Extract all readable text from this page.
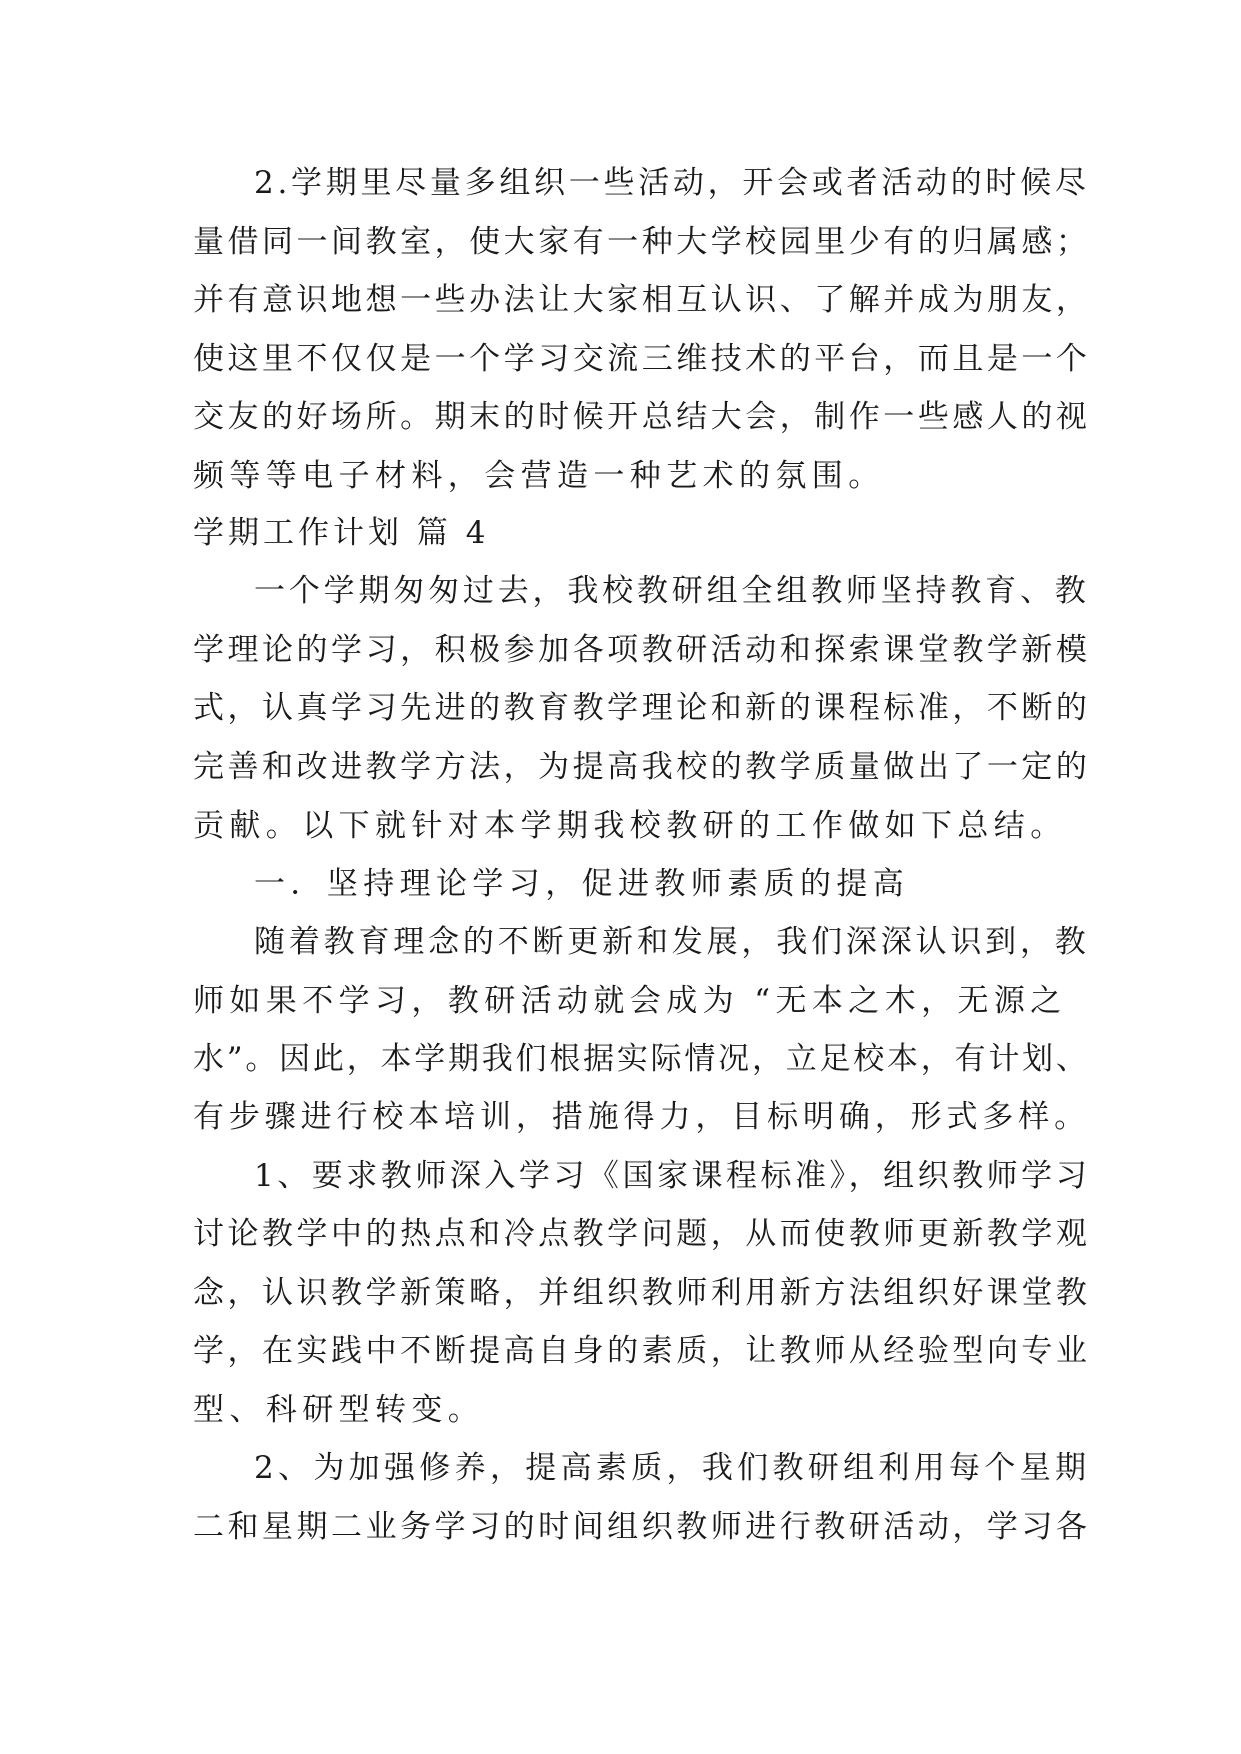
2.学期里尽量多组织一些活动，开会或者活动的时候尽
量借同一间教室，使大家有一种大学校园里少有的归属感；
并有意识地想一些办法让大家相互认识、了解并成为朋友，
使这里不仅仅是一个学习交流三维技术的平台，而且是一个
交友的好场所。期末的时候开总结大会，制作一些感人的视
频等等电子材料，会营造一种艺术的氛围。
学期工作计划 篇 4
一个学期匆匆过去，我校教研组全组教师坚持教育、教
学理论的学习，积极参加各项教研活动和探索课堂教学新模
式，认真学习先进的教育教学理论和新的课程标准，不断的
完善和改进教学方法，为提高我校的教学质量做出了一定的
贡献。以下就针对本学期我校教研的工作做如下总结。
一．坚持理论学习，促进教师素质的提高
随着教育理念的不断更新和发展，我们深深认识到，教
师如果不学习，教研活动就会成为 “无本之木，无源之
水”。因此，本学期我们根据实际情况，立足校本，有计划、
有步骤进行校本培训，措施得力，目标明确，形式多样。
1、要求教师深入学习《国家课程标准》，组织教师学习
讨论教学中的热点和冷点教学问题，从而使教师更新教学观
念，认识教学新策略，并组织教师利用新方法组织好课堂教
学，在实践中不断提高自身的素质，让教师从经验型向专业
型、科研型转变。
2、为加强修养，提高素质，我们教研组利用每个星期
二和星期二业务学习的时间组织教师进行教研活动，学习各
